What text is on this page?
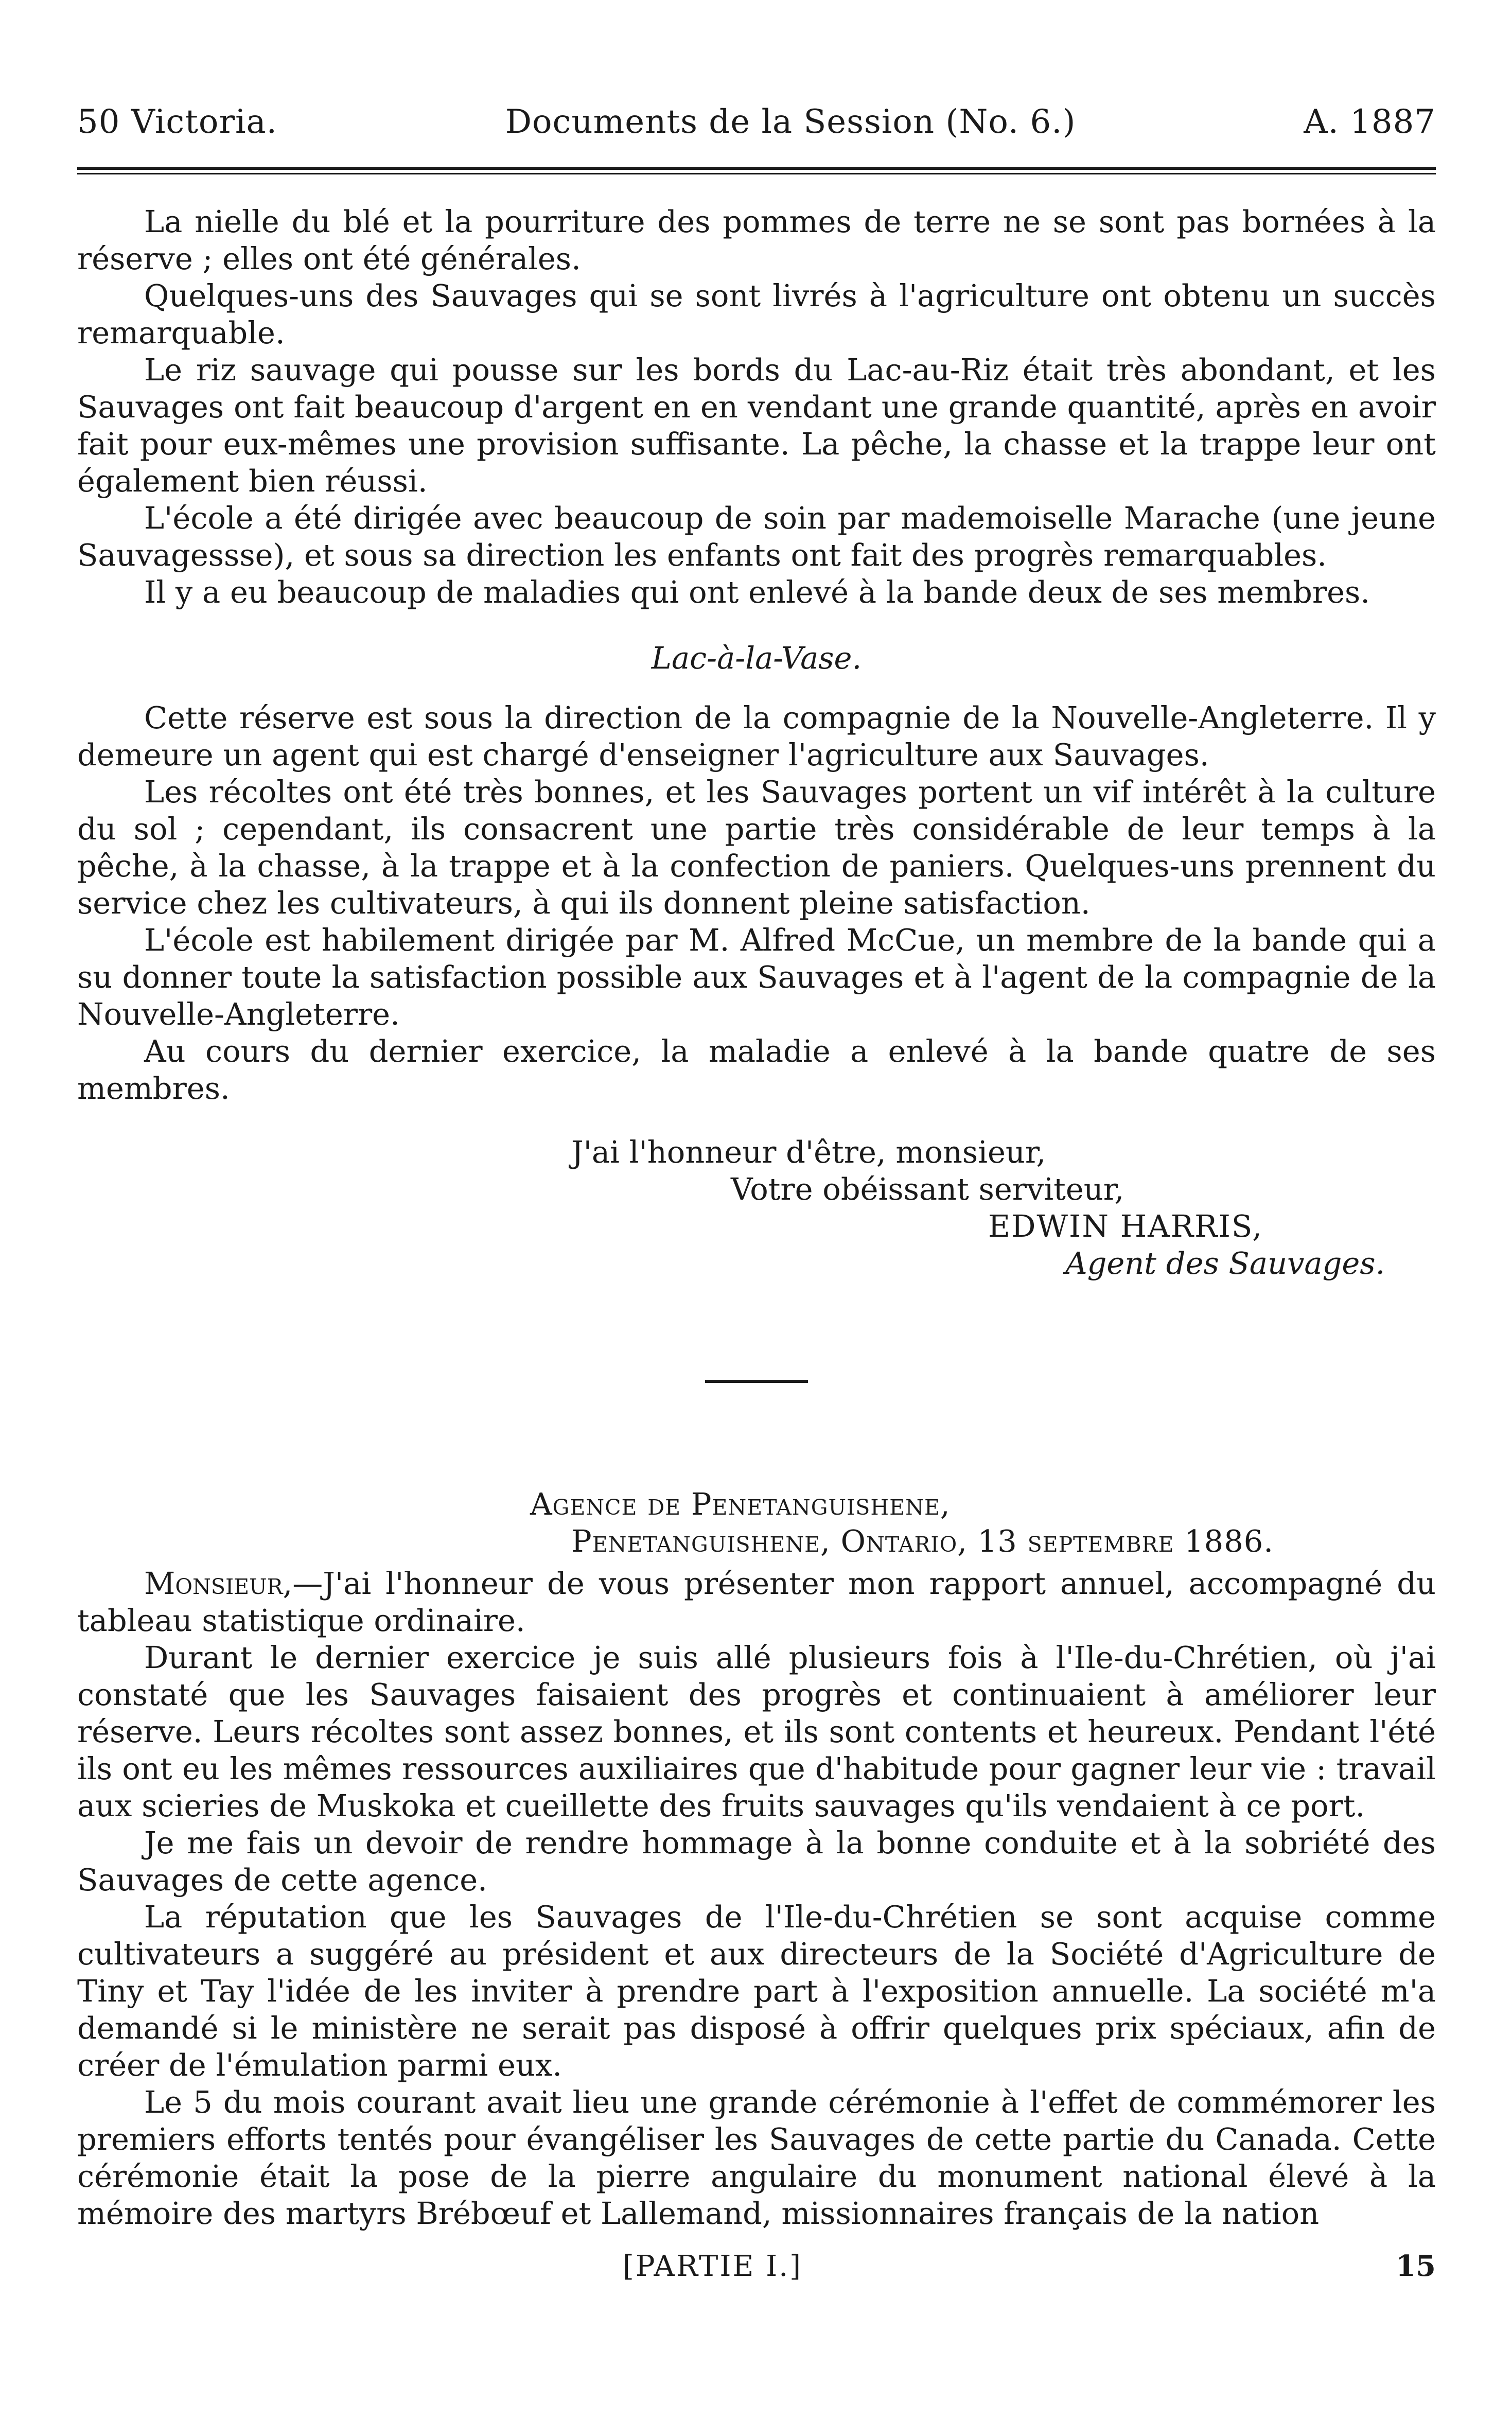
50 Victoria.	Documents de la Session (No. 6.)	A. 1887

La nielle du blé et la pourriture des pommes de terre ne se sont pas bornées à la réserve ; elles ont été générales.

Quelques-uns des Sauvages qui se sont livrés à l'agriculture ont obtenu un succès remarquable.

Le riz sauvage qui pousse sur les bords du Lac-au-Riz était très abondant, et les Sauvages ont fait beaucoup d'argent en en vendant une grande quantité, après en avoir fait pour eux-mêmes une provision suffisante. La pêche, la chasse et la trappe leur ont également bien réussi.

L'école a été dirigée avec beaucoup de soin par mademoiselle Marache (une jeune Sauvagessse), et sous sa direction les enfants ont fait des progrès remarquables.

Il y a eu beaucoup de maladies qui ont enlevé à la bande deux de ses membres.

Lac-à-la-Vase.

Cette réserve est sous la direction de la compagnie de la Nouvelle-Angleterre. Il y demeure un agent qui est chargé d'enseigner l'agriculture aux Sauvages.

Les récoltes ont été très bonnes, et les Sauvages portent un vif intérêt à la culture du sol ; cependant, ils consacrent une partie très considérable de leur temps à la pêche, à la chasse, à la trappe et à la confection de paniers. Quelques-uns prennent du service chez les cultivateurs, à qui ils donnent pleine satisfaction.

L'école est habilement dirigée par M. Alfred McCue, un membre de la bande qui a su donner toute la satisfaction possible aux Sauvages et à l'agent de la compagnie de la Nouvelle-Angleterre.

Au cours du dernier exercice, la maladie a enlevé à la bande quatre de ses membres.

J'ai l'honneur d'être, monsieur,
Votre obéissant serviteur,
EDWIN HARRIS,
Agent des Sauvages.
Agence de Penetanguishene,
Penetanguishene, Ontario, 13 septembre 1886.

Monsieur,—J'ai l'honneur de vous présenter mon rapport annuel, accompagné du tableau statistique ordinaire.

Durant le dernier exercice je suis allé plusieurs fois à l'Ile-du-Chrétien, où j'ai constaté que les Sauvages faisaient des progrès et continuaient à améliorer leur réserve. Leurs récoltes sont assez bonnes, et ils sont contents et heureux. Pendant l'été ils ont eu les mêmes ressources auxiliaires que d'habitude pour gagner leur vie : travail aux scieries de Muskoka et cueillette des fruits sauvages qu'ils vendaient à ce port.

Je me fais un devoir de rendre hommage à la bonne conduite et à la sobriété des Sauvages de cette agence.

La réputation que les Sauvages de l'Ile-du-Chrétien se sont acquise comme cultivateurs a suggéré au président et aux directeurs de la Société d'Agriculture de Tiny et Tay l'idée de les inviter à prendre part à l'exposition annuelle. La société m'a demandé si le ministère ne serait pas disposé à offrir quelques prix spéciaux, afin de créer de l'émulation parmi eux.

Le 5 du mois courant avait lieu une grande cérémonie à l'effet de commémorer les premiers efforts tentés pour évangéliser les Sauvages de cette partie du Canada. Cette cérémonie était la pose de la pierre angulaire du monument national élevé à la mémoire des martyrs Brébœuf et Lallemand, missionnaires français de la nation

[PARTIE I.]	15
